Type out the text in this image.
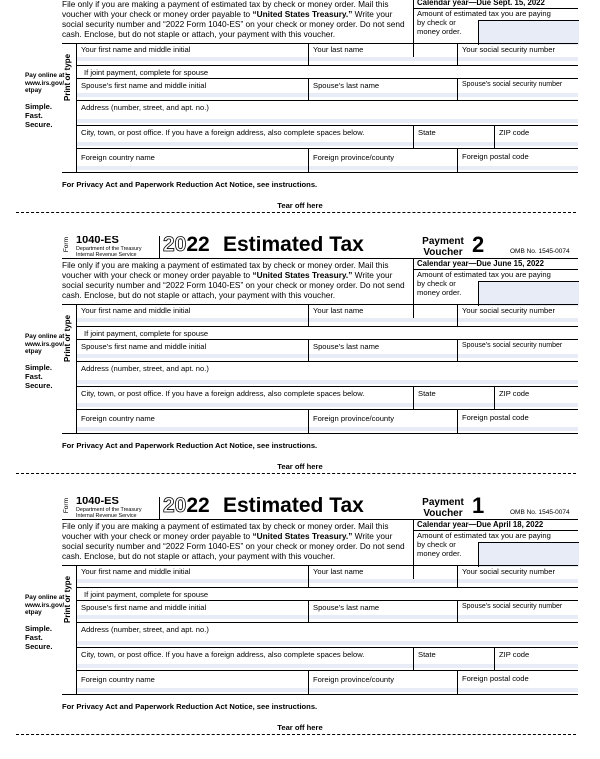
Calendar year—Due Sept. 15, 2022
File only if you are making a payment of estimated tax by check or money order. Mail this
voucher with your check or money order payable to “United States Treasury.” Write your
social security number and “2022 Form 1040-ES” on your check or money order. Do not send
cash. Enclose, but do not staple or attach, your payment with this voucher.
Amount of estimated tax you are paying
by check or
money order.
Your first name and middle initial	Your last name	Your social security number
If joint payment, complete for spouse
Spouse’s first name and middle initial	Spouse’s last name	Spouse’s social security number
Address (number, street, and apt. no.)
City, town, or post office. If you have a foreign address, also complete spaces below.	State	ZIP code
Foreign country name	Foreign province/county	Foreign postal code
Print or type
Pay online at
www.irs.gov/
etpay
Simple.
Fast.
Secure.
For Privacy Act and Paperwork Reduction Act Notice, see instructions.
Tear off here
Form 1040-ES
Department of the Treasury
Internal Revenue Service 2022 Estimated Tax	Payment
Voucher 2	OMB No. 1545-0074
Calendar year—Due June 15, 2022
File only if you are making a payment of estimated tax by check or money order. Mail this
voucher with your check or money order payable to “United States Treasury.” Write your
social security number and “2022 Form 1040-ES” on your check or money order. Do not send
cash. Enclose, but do not staple or attach, your payment with this voucher.
Amount of estimated tax you are paying
by check or
money order.
Your first name and middle initial	Your last name	Your social security number
If joint payment, complete for spouse
Spouse’s first name and middle initial	Spouse’s last name	Spouse’s social security number
Address (number, street, and apt. no.)
City, town, or post office. If you have a foreign address, also complete spaces below.	State	ZIP code
Foreign country name	Foreign province/county	Foreign postal code
Print or type
Pay online at
www.irs.gov/
etpay
Simple.
Fast.
Secure.
For Privacy Act and Paperwork Reduction Act Notice, see instructions.
Tear off here
Form 1040-ES
Department of the Treasury
Internal Revenue Service 2022 Estimated Tax	Payment
Voucher 1	OMB No. 1545-0074
Calendar year—Due April 18, 2022
File only if you are making a payment of estimated tax by check or money order. Mail this
voucher with your check or money order payable to “United States Treasury.” Write your
social security number and “2022 Form 1040-ES” on your check or money order. Do not send
cash. Enclose, but do not staple or attach, your payment with this voucher.
Amount of estimated tax you are paying
by check or
money order.
Your first name and middle initial	Your last name	Your social security number
If joint payment, complete for spouse
Spouse’s first name and middle initial	Spouse’s last name	Spouse’s social security number
Address (number, street, and apt. no.)
City, town, or post office. If you have a foreign address, also complete spaces below.	State	ZIP code
Foreign country name	Foreign province/county	Foreign postal code
Print or type
Pay online at
www.irs.gov/
etpay
Simple.
Fast.
Secure.
For Privacy Act and Paperwork Reduction Act Notice, see instructions.
Tear off here
